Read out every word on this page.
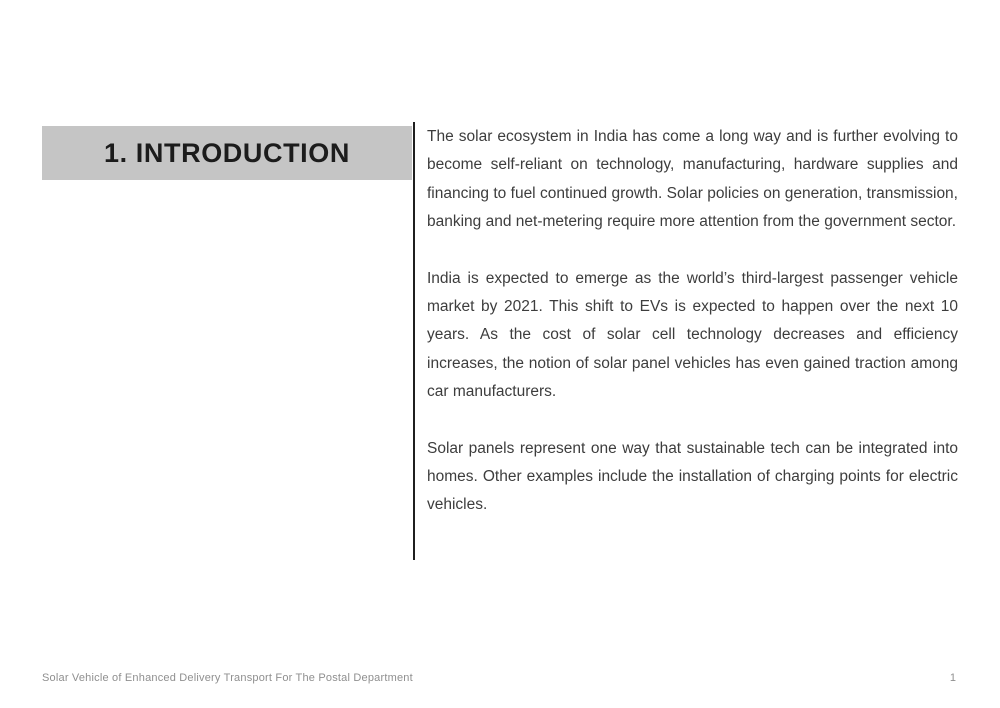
1. INTRODUCTION

The solar ecosystem in India has come a long way and is further evolving to become self-reliant on technology, manufacturing, hardware supplies and financing to fuel continued growth. Solar policies on generation, transmission, banking and net-metering require more attention from the government sector.

India is expected to emerge as the world’s third-largest passenger vehicle market by 2021. This shift to EVs is expected to happen over the next 10 years. As the cost of solar cell technology decreases and efficiency increases, the notion of solar panel vehicles has even gained traction among car manufacturers.

Solar panels represent one way that sustainable tech can be integrated into homes. Other examples include the installation of charging points for electric vehicles.

Solar Vehicle of Enhanced Delivery Transport For The Postal Department	1
